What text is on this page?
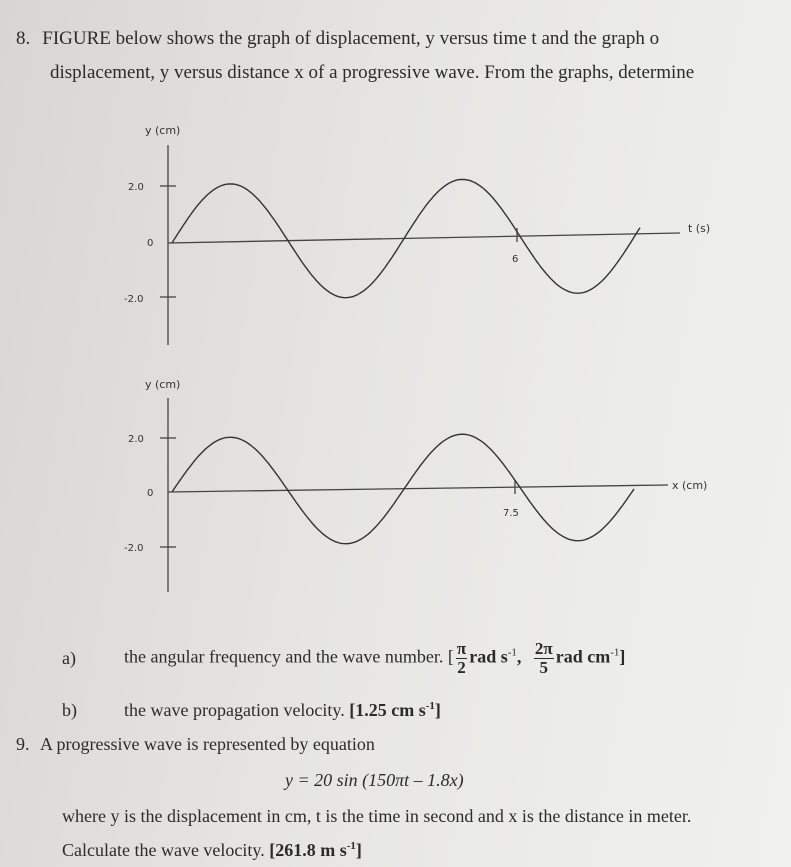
8. FIGURE below shows the graph of displacement, y versus time t and the graph o
displacement, y versus distance x of a progressive wave. From the graphs, determine
y (cm)
2.0
0
-2.0
t (s)
6
y (cm)
2.0
0
-2.0
x (cm)
7.5
a)	the angular frequency and the wave number. [ $\frac{\pi}{2}$ rad $s^{-1}$, $\frac{2\pi}{5}$ rad $cm^{-1}$]
b)	the wave propagation velocity. [1.25 cm $s^{-1}$]
9. A progressive wave is represented by equation
y = 20 sin (150πt – 1.8x)
where y is the displacement in cm, t is the time in second and x is the distance in meter.
Calculate the wave velocity. [261.8 m $s^{-1}$]
